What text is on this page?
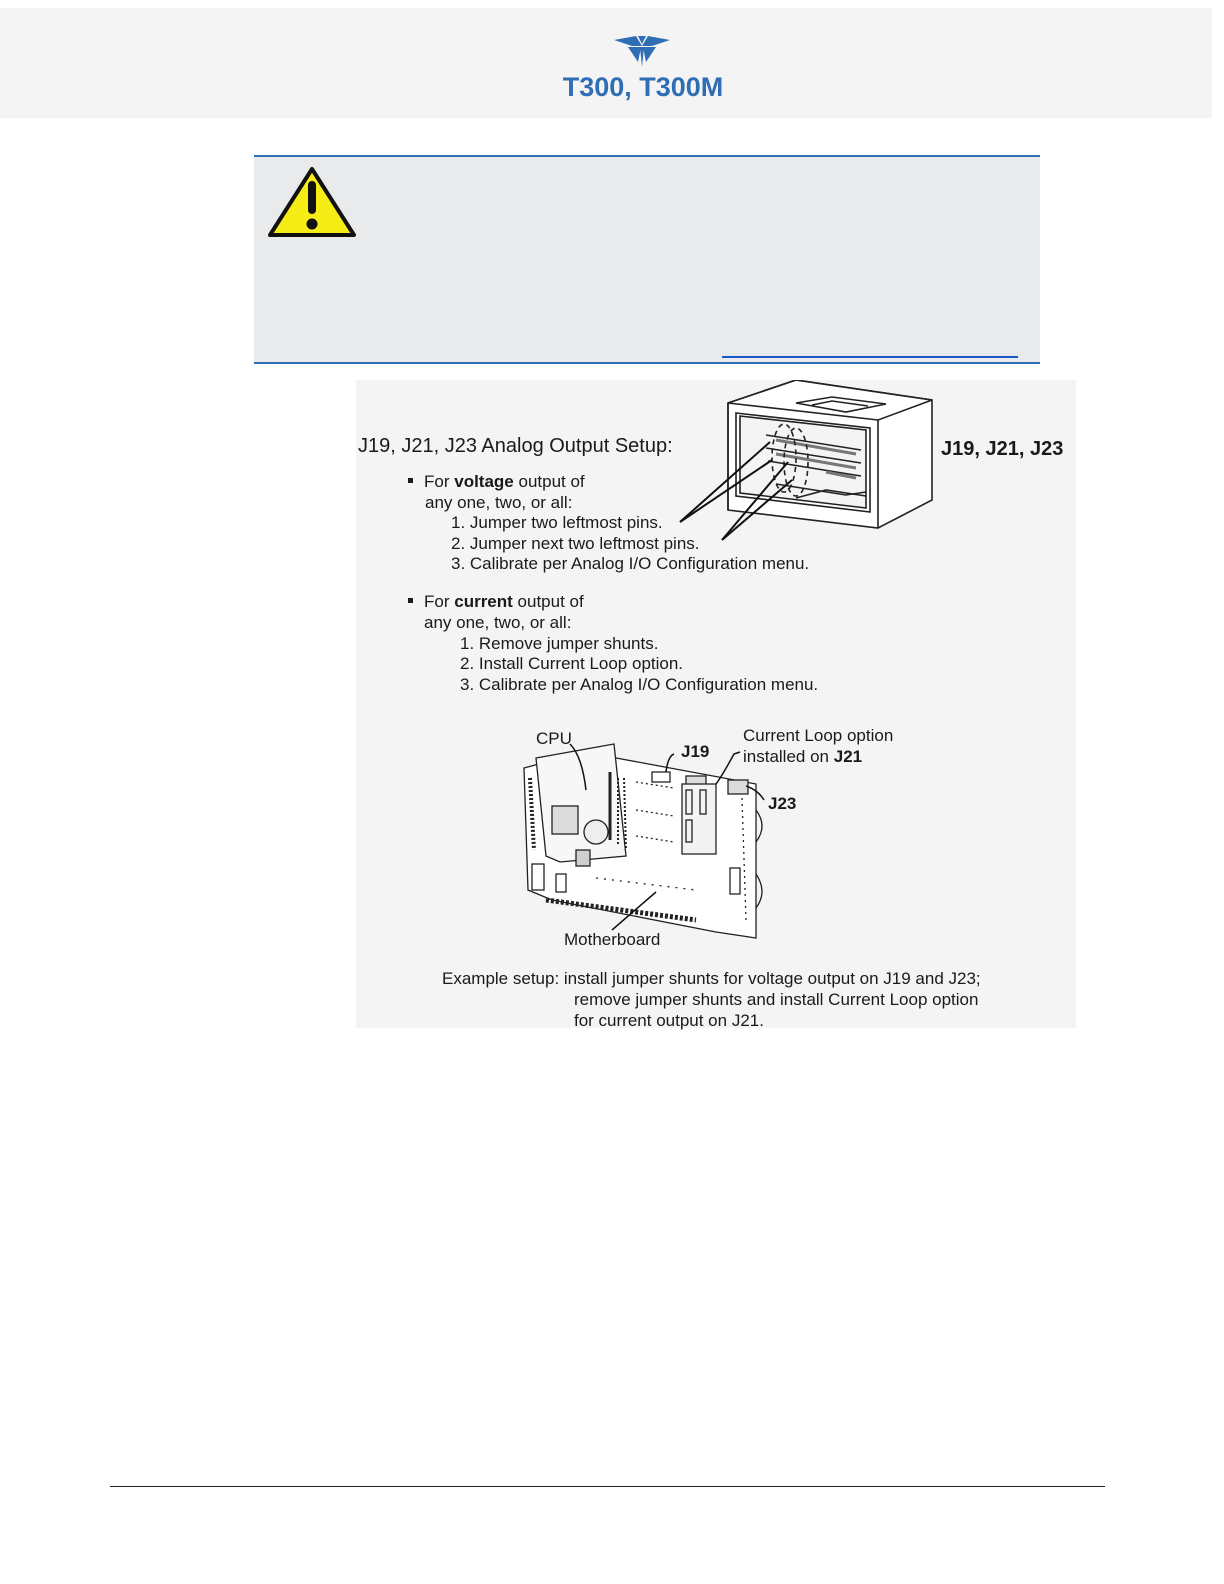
T300, T300M
J19, J21, J23 Analog Output Setup:	J19, J21, J23
For voltage output of
any one, two, or all:
1. Jumper two leftmost pins.
2. Jumper next two leftmost pins.
3. Calibrate per Analog I/O Configuration menu.
For current output of
any one, two, or all:
1. Remove jumper shunts.
2. Install Current Loop option.
3. Calibrate per Analog I/O Configuration menu.
CPU
J19
Current Loop option
installed on J21
J23
Motherboard
Example setup: install jumper shunts for voltage output on J19 and J23;
remove jumper shunts and install Current Loop option
for current output on J21.
